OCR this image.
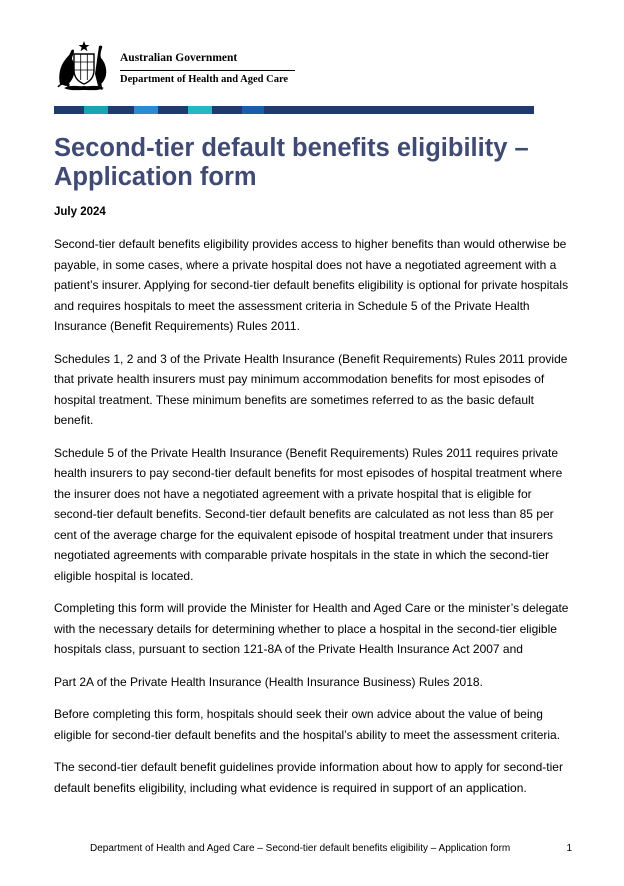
Australian Government
Department of Health and Aged Care
Second-tier default benefits eligibility – Application form

July 2024

Second-tier default benefits eligibility provides access to higher benefits than would otherwise be payable, in some cases, where a private hospital does not have a negotiated agreement with a patient’s insurer. Applying for second-tier default benefits eligibility is optional for private hospitals and requires hospitals to meet the assessment criteria in Schedule 5 of the Private Health Insurance (Benefit Requirements) Rules 2011.

Schedules 1, 2 and 3 of the Private Health Insurance (Benefit Requirements) Rules 2011 provide that private health insurers must pay minimum accommodation benefits for most episodes of hospital treatment. These minimum benefits are sometimes referred to as the basic default benefit.

Schedule 5 of the Private Health Insurance (Benefit Requirements) Rules 2011 requires private health insurers to pay second-tier default benefits for most episodes of hospital treatment where the insurer does not have a negotiated agreement with a private hospital that is eligible for second-tier default benefits. Second-tier default benefits are calculated as not less than 85 per cent of the average charge for the equivalent episode of hospital treatment under that insurers negotiated agreements with comparable private hospitals in the state in which the second-tier eligible hospital is located.

Completing this form will provide the Minister for Health and Aged Care or the minister’s delegate with the necessary details for determining whether to place a hospital in the second-tier eligible hospitals class, pursuant to section 121-8A of the Private Health Insurance Act 2007 and

Part 2A of the Private Health Insurance (Health Insurance Business) Rules 2018.

Before completing this form, hospitals should seek their own advice about the value of being eligible for second-tier default benefits and the hospital’s ability to meet the assessment criteria.

The second-tier default benefit guidelines provide information about how to apply for second-tier default benefits eligibility, including what evidence is required in support of an application.

Department of Health and Aged Care – Second-tier default benefits eligibility – Application form	1
